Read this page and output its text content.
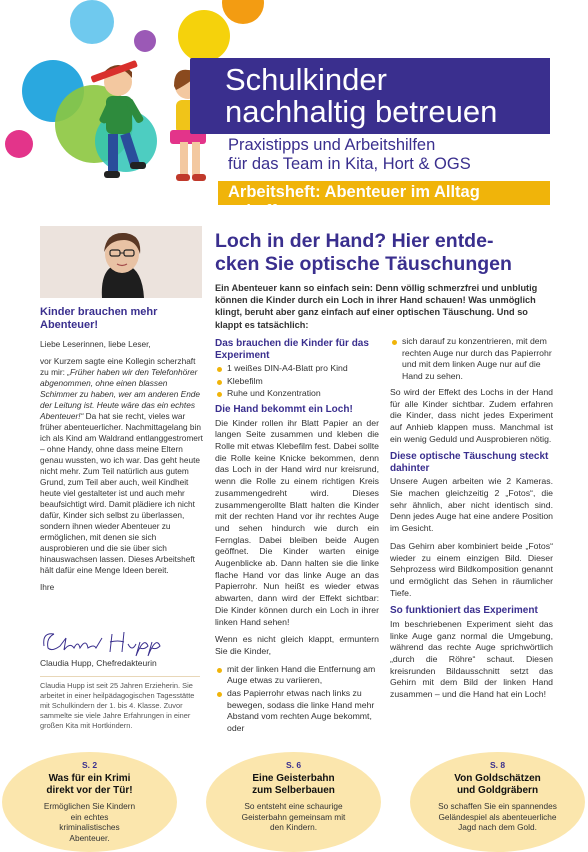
Schulkinder
nachhaltig betreuen
Praxistipps und Arbeitshilfen
für das Team in Kita, Hort & OGS
Arbeitsheft: Abenteuer im Alltag schaffen
Kinder brauchen mehr Abenteuer!

Liebe Leserinnen, liebe Leser,

vor Kurzem sagte eine Kollegin scherzhaft zu mir: „Früher haben wir den Telefonhörer abgenommen, ohne einen blassen Schimmer zu haben, wer am anderen Ende der Leitung ist. Heute wäre das ein echtes Abenteuer!“ Da hat sie recht, vieles war früher abenteuerlicher. Nachmittagelang bin ich als Kind am Waldrand entlanggestromert – ohne Handy, ohne dass meine Eltern genau wussten, wo ich war. Das geht heute nicht mehr. Zum Teil natürlich aus gutem Grund, zum Teil aber auch, weil Kindheit heute viel gestalteter ist und auch mehr beaufsichtigt wird. Damit plädiere ich nicht dafür, Kinder sich selbst zu überlassen, sondern ihnen wieder Abenteuer zu ermöglichen, mit denen sie sich ausprobieren und die sie über sich hinauswachsen lassen. Dieses Arbeitsheft hält dafür eine Menge Ideen bereit.

Ihre

Claudia Hupp, Chefredakteurin
Claudia Hupp ist seit 25 Jahren Erzieherin. Sie arbeitet in einer heilpädagogischen Tagesstätte mit Schulkindern der 1. bis 4. Klasse. Zuvor sammelte sie viele Jahre Erfahrungen in einer großen Kita mit Hortkindern.
Loch in der Hand? Hier entde-
cken Sie optische Täuschungen
Ein Abenteuer kann so einfach sein: Denn völlig schmerzfrei und unblutig können die Kinder durch ein Loch in ihrer Hand schauen! Was unmöglich klingt, beruht aber ganz einfach auf einer optischen Täuschung. Und so klappt es tatsächlich:
Das brauchen die Kinder für das Experiment
1 weißes DIN-A4-Blatt pro Kind
Klebefilm
Ruhe und Konzentration
Die Hand bekommt ein Loch!

Die Kinder rollen ihr Blatt Papier an der langen Seite zusammen und kleben die Rolle mit etwas Klebefilm fest. Dabei sollte die Rolle keine Knicke bekommen, denn das Loch in der Hand wird nur kreisrund, wenn die Rolle zu einem richtigen Kreis zusammengedreht wird. Dieses zusammengerollte Blatt halten die Kinder mit der rechten Hand vor ihr rechtes Auge und sehen hindurch wie durch ein Fernglas. Dabei bleiben beide Augen geöffnet. Die Kinder warten einige Augenblicke ab. Dann halten sie die linke flache Hand vor das linke Auge an das Papierrohr. Nun heißt es wieder etwas abwarten, dann wird der Effekt sichtbar: Die Kinder können durch ein Loch in ihrer linken Hand sehen!

Wenn es nicht gleich klappt, ermuntern Sie die Kinder,

mit der linken Hand die Entfernung am Auge etwas zu variieren,
das Papierrohr etwas nach links zu bewegen, sodass die linke Hand mehr Abstand vom rechten Auge bekommt, oder
sich darauf zu konzentrieren, mit dem rechten Auge nur durch das Papierrohr und mit dem linken Auge nur auf die Hand zu sehen.

So wird der Effekt des Lochs in der Hand für alle Kinder sichtbar. Zudem erfahren die Kinder, dass nicht jedes Experiment auf Anhieb klappen muss. Manchmal ist ein wenig Geduld und Ausprobieren nötig.

Diese optische Täuschung steckt dahinter

Unsere Augen arbeiten wie 2 Kameras. Sie machen gleichzeitig 2 „Fotos“, die sehr ähnlich, aber nicht identisch sind. Denn jedes Auge hat eine andere Position im Gesicht.

Das Gehirn aber kombiniert beide „Fotos“ wieder zu einem einzigen Bild. Dieser Sehprozess wird Bildkomposition genannt und ermöglicht das Sehen in räumlicher Tiefe.

So funktioniert das Experiment

Im beschriebenen Experiment sieht das linke Auge ganz normal die Umgebung, während das rechte Auge sprichwörtlich „durch die Röhre“ schaut. Diesen kreisrunden Bildausschnitt setzt das Gehirn mit dem Bild der linken Hand zusammen – und die Hand hat ein Loch!

S. 2
Was für ein Krimi direkt vor der Tür!
Ermöglichen Sie Kindern ein echtes kriminalistisches Abenteuer.
S. 6
Eine Geisterbahn zum Selberbauen
So entsteht eine schaurige Geisterbahn gemeinsam mit den Kindern.
S. 8
Von Goldschätzen und Goldgräbern
So schaffen Sie ein spannendes Geländespiel als abenteuerliche Jagd nach dem Gold.
